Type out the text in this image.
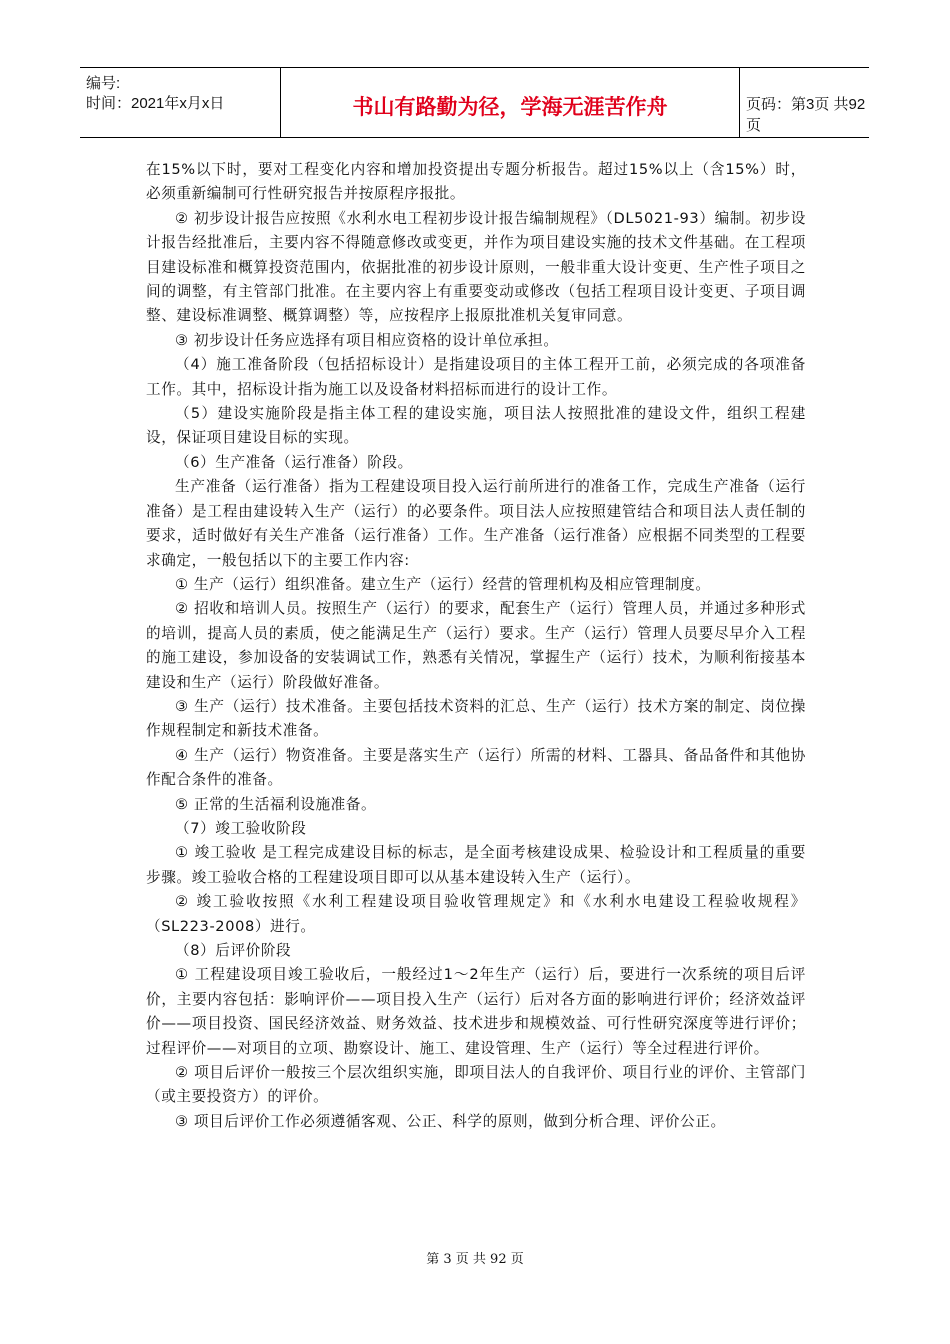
编号:
时间：2021年x月x日	书山有路勤为径，学海无涯苦作舟	页码：第3页 共92页

在15%以下时，要对工程变化内容和增加投资提出专题分析报告。超过15%以上（含15%）时，必须重新编制可行性研究报告并按原程序报批。

② 初步设计报告应按照《水利水电工程初步设计报告编制规程》（DL5021-93）编制。初步设计报告经批准后，主要内容不得随意修改或变更，并作为项目建设实施的技术文件基础。在工程项目建设标准和概算投资范围内，依据批准的初步设计原则，一般非重大设计变更、生产性子项目之间的调整，有主管部门批准。在主要内容上有重要变动或修改（包括工程项目设计变更、子项目调整、建设标准调整、概算调整）等，应按程序上报原批准机关复审同意。

③ 初步设计任务应选择有项目相应资格的设计单位承担。

（4）施工准备阶段（包括招标设计）是指建设项目的主体工程开工前，必须完成的各项准备工作。其中，招标设计指为施工以及设备材料招标而进行的设计工作。

（5）建设实施阶段是指主体工程的建设实施，项目法人按照批准的建设文件，组织工程建设，保证项目建设目标的实现。

（6）生产准备（运行准备）阶段。

生产准备（运行准备）指为工程建设项目投入运行前所进行的准备工作，完成生产准备（运行准备）是工程由建设转入生产（运行）的必要条件。项目法人应按照建管结合和项目法人责任制的要求，适时做好有关生产准备（运行准备）工作。生产准备（运行准备）应根据不同类型的工程要求确定，一般包括以下的主要工作内容:

① 生产（运行）组织准备。建立生产（运行）经营的管理机构及相应管理制度。

② 招收和培训人员。按照生产（运行）的要求，配套生产（运行）管理人员，并通过多种形式的培训，提高人员的素质，使之能满足生产（运行）要求。生产（运行）管理人员要尽早介入工程的施工建设，参加设备的安装调试工作，熟悉有关情况，掌握生产（运行）技术，为顺利衔接基本建设和生产（运行）阶段做好准备。

③ 生产（运行）技术准备。主要包括技术资料的汇总、生产（运行）技术方案的制定、岗位操作规程制定和新技术准备。

④ 生产（运行）物资准备。主要是落实生产（运行）所需的材料、工器具、备品备件和其他协作配合条件的准备。

⑤ 正常的生活福利设施准备。

（7）竣工验收阶段

① 竣工验收 是工程完成建设目标的标志，是全面考核建设成果、检验设计和工程质量的重要步骤。竣工验收合格的工程建设项目即可以从基本建设转入生产（运行）。

② 竣工验收按照《水利工程建设项目验收管理规定》和《水利水电建设工程验收规程》（SL223-2008）进行。

（8）后评价阶段

① 工程建设项目竣工验收后，一般经过1～2年生产（运行）后，要进行一次系统的项目后评价，主要内容包括：影响评价——项目投入生产（运行）后对各方面的影响进行评价；经济效益评价——项目投资、国民经济效益、财务效益、技术进步和规模效益、可行性研究深度等进行评价；过程评价——对项目的立项、勘察设计、施工、建设管理、生产（运行）等全过程进行评价。

② 项目后评价一般按三个层次组织实施，即项目法人的自我评价、项目行业的评价、主管部门（或主要投资方）的评价。

③ 项目后评价工作必须遵循客观、公正、科学的原则，做到分析合理、评价公正。

第 3 页 共 92 页
